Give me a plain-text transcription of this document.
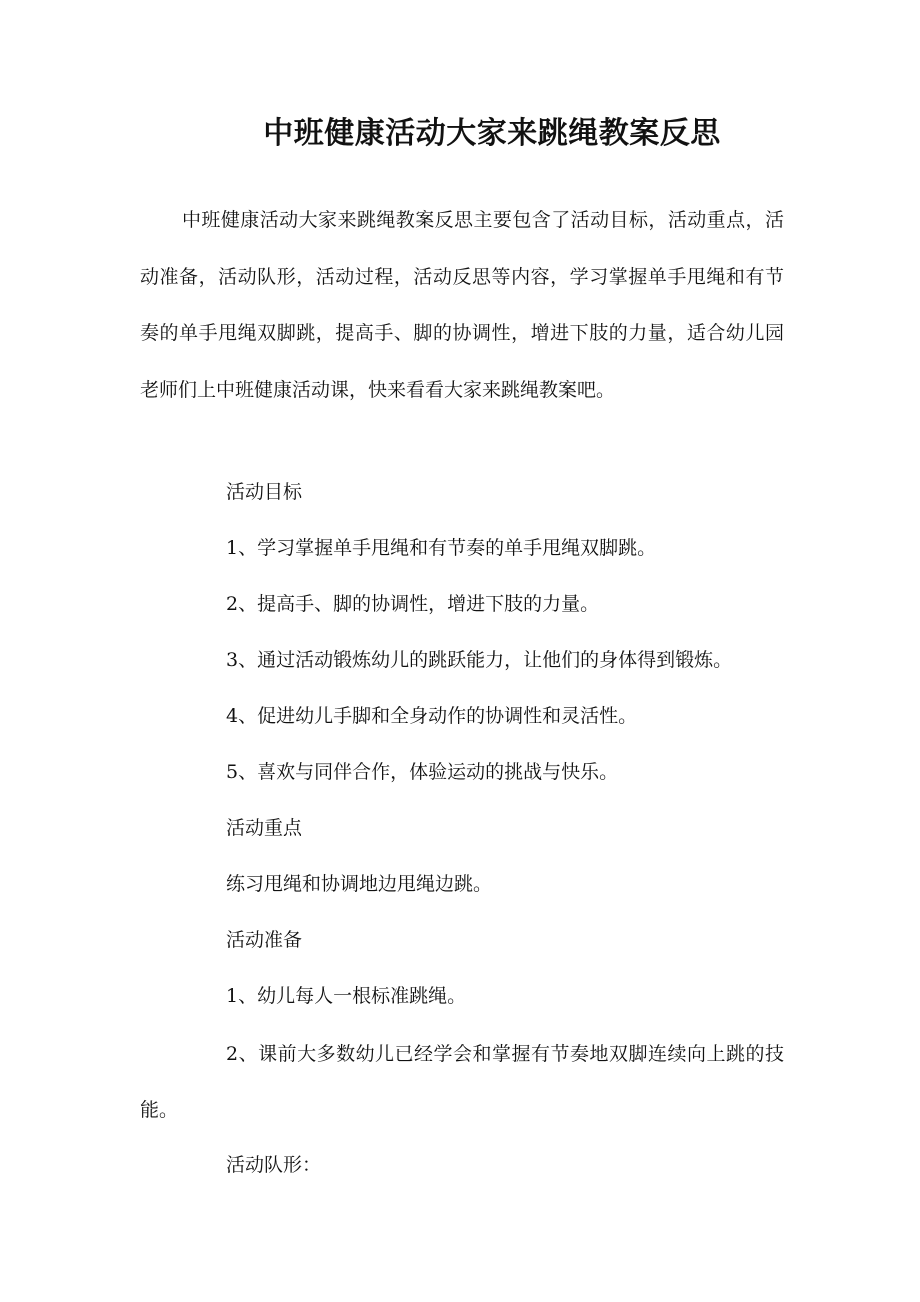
中班健康活动大家来跳绳教案反思

中班健康活动大家来跳绳教案反思主要包含了活动目标，活动重点，活动准备，活动队形，活动过程，活动反思等内容，学习掌握单手甩绳和有节奏的单手甩绳双脚跳，提高手、脚的协调性，增进下肢的力量，适合幼儿园老师们上中班健康活动课，快来看看大家来跳绳教案吧。

活动目标

1、学习掌握单手甩绳和有节奏的单手甩绳双脚跳。

2、提高手、脚的协调性，增进下肢的力量。

3、通过活动锻炼幼儿的跳跃能力，让他们的身体得到锻炼。

4、促进幼儿手脚和全身动作的协调性和灵活性。

5、喜欢与同伴合作，体验运动的挑战与快乐。

活动重点

练习甩绳和协调地边甩绳边跳。

活动准备

1、幼儿每人一根标准跳绳。

2、课前大多数幼儿已经学会和掌握有节奏地双脚连续向上跳的技能。

活动队形：
